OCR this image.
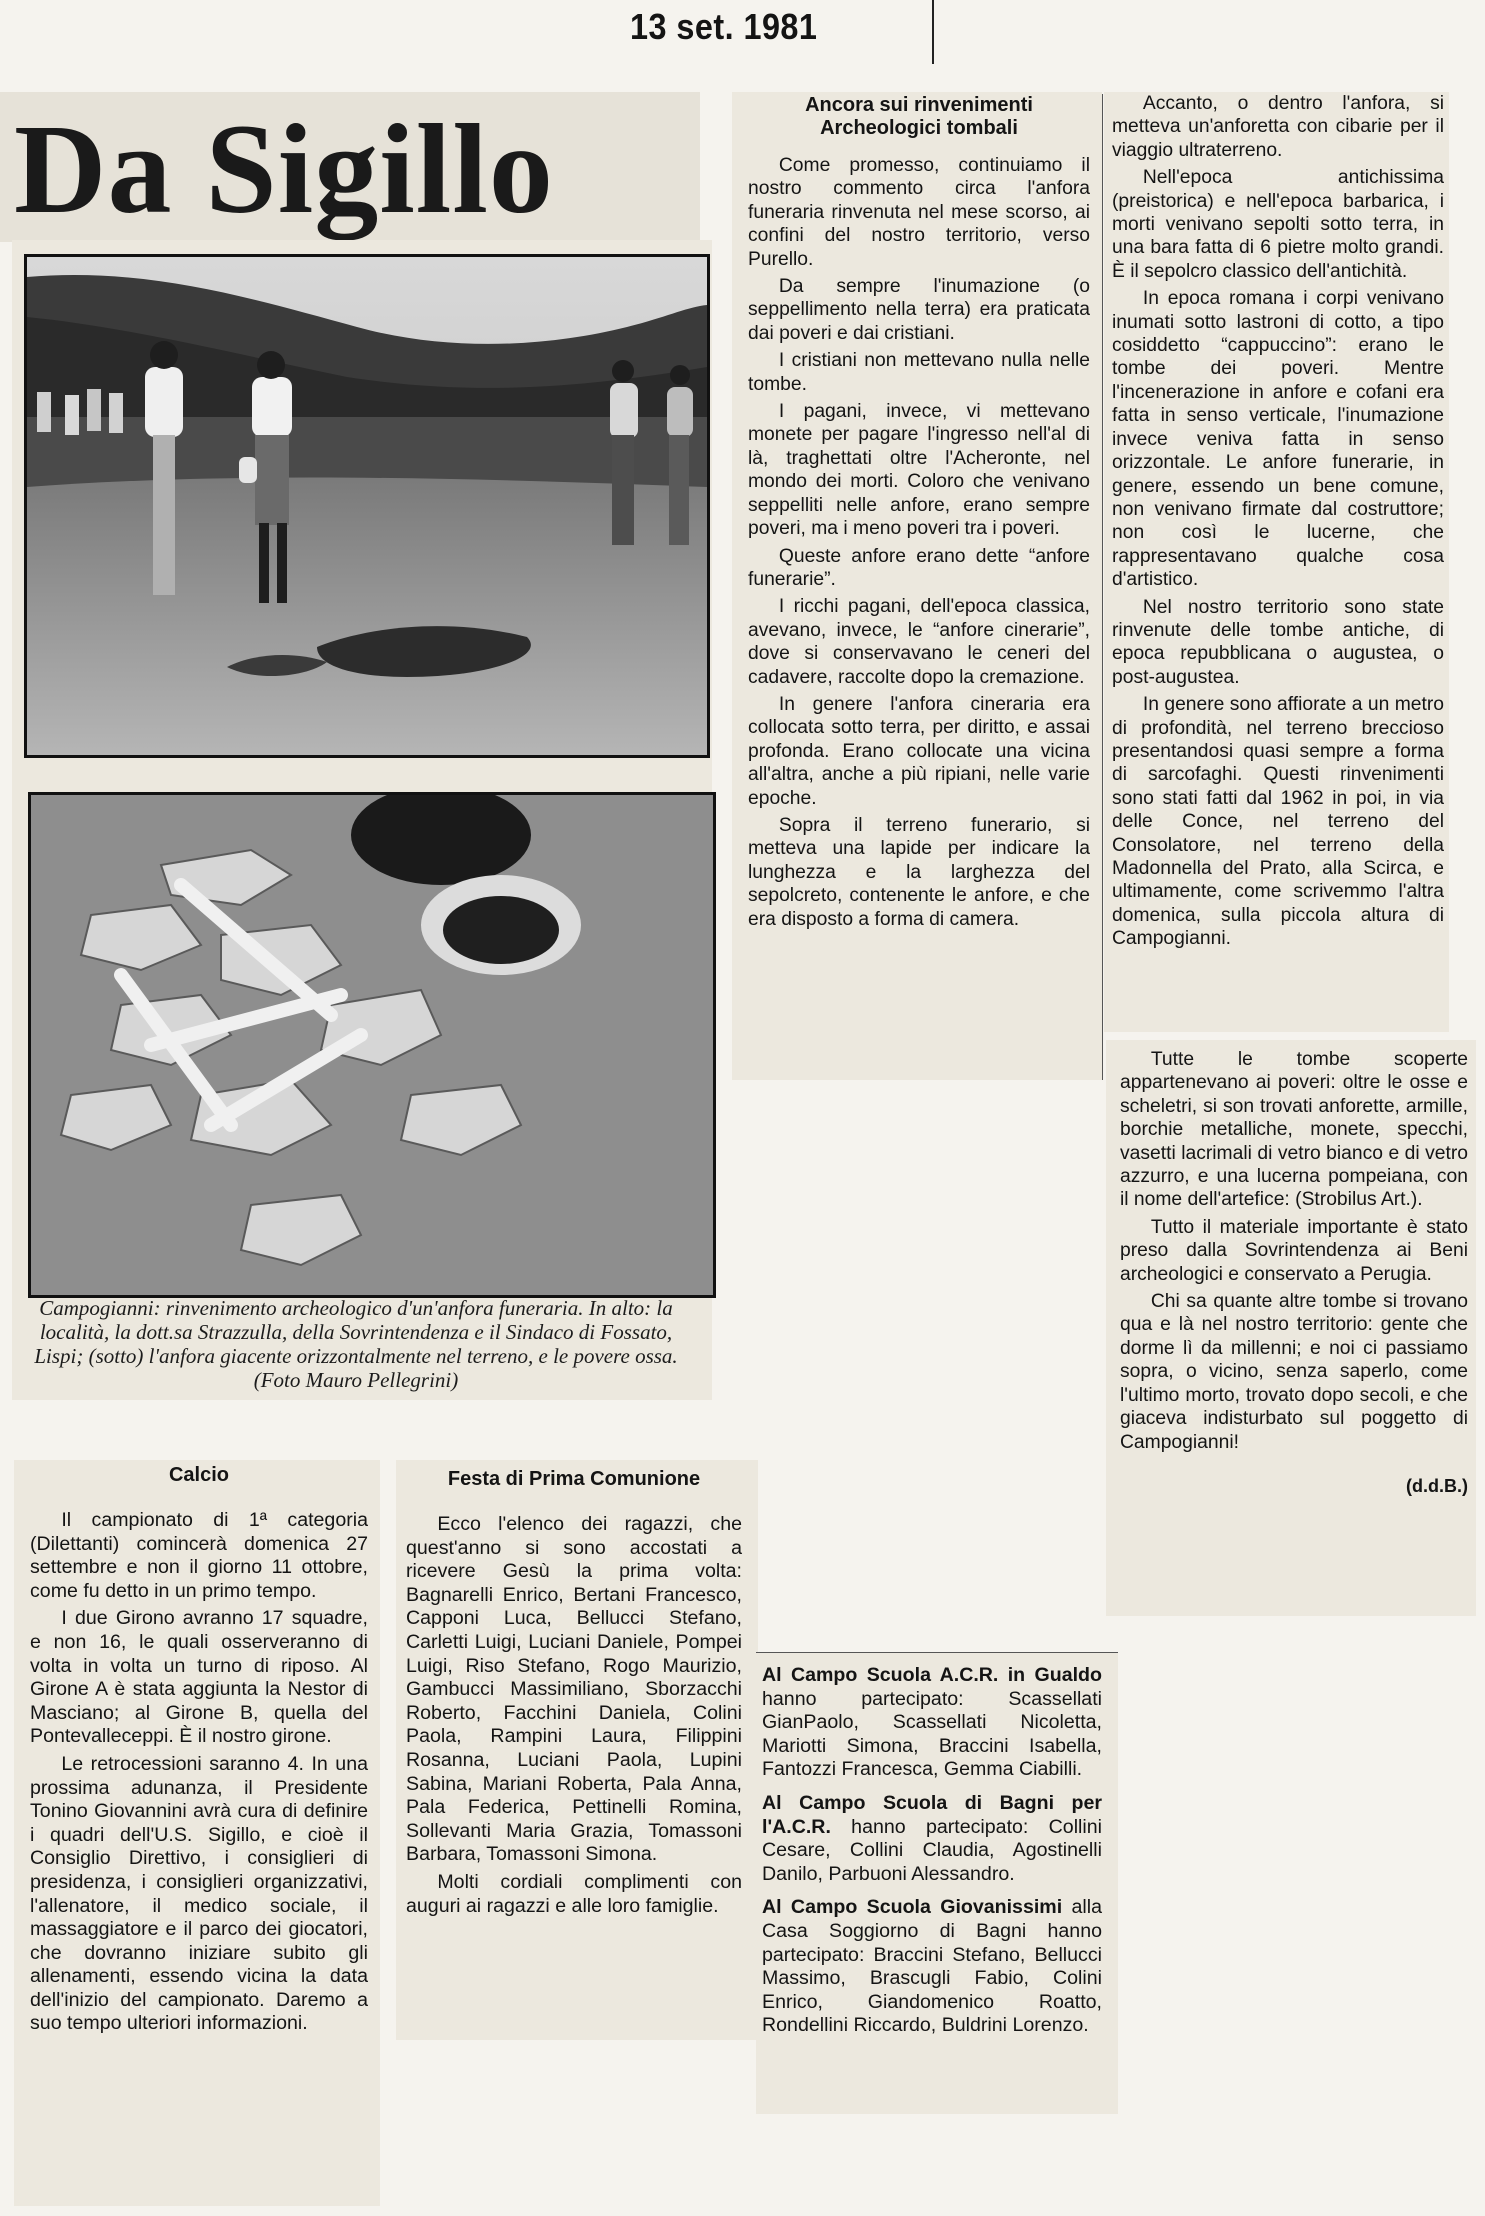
13 set. 1981
Da Sigillo
Campogianni: rinvenimento archeologico d'un'anfora funeraria. In alto: la località, la dott.sa Strazzulla, della Sovrintendenza e il Sindaco di Fossato, Lispi; (sotto) l'anfora giacente orizzontalmente nel terreno, e le povere ossa. (Foto Mauro Pellegrini)
Ancora sui rinvenimenti Archeologici tombali

Come promesso, continuiamo il nostro commento circa l'anfora funeraria rinvenuta nel mese scorso, ai confini del nostro territorio, verso Purello.

Da sempre l'inumazione (o seppellimento nella terra) era praticata dai poveri e dai cristiani.

I cristiani non mettevano nulla nelle tombe.

I pagani, invece, vi mettevano monete per pagare l'ingresso nell'al di là, traghettati oltre l'Acheronte, nel mondo dei morti. Coloro che venivano seppelliti nelle anfore, erano sempre poveri, ma i meno poveri tra i poveri.

Queste anfore erano dette “anfore funerarie”.

I ricchi pagani, dell'epoca classica, avevano, invece, le “anfore cinerarie”, dove si conservavano le ceneri del cadavere, raccolte dopo la cremazione.

In genere l'anfora cineraria era collocata sotto terra, per diritto, e assai profonda. Erano collocate una vicina all'altra, anche a più ripiani, nelle varie epoche.

Sopra il terreno funerario, si metteva una lapide per indicare la lunghezza e la larghezza del sepolcreto, contenente le anfore, e che era disposto a forma di camera.

Accanto, o dentro l'anfora, si metteva un'anforetta con cibarie per il viaggio ultraterreno.

Nell'epoca antichissima (preistorica) e nell'epoca barbarica, i morti venivano sepolti sotto terra, in una bara fatta di 6 pietre molto grandi. È il sepolcro classico dell'antichità.

In epoca romana i corpi venivano inumati sotto lastroni di cotto, a tipo cosiddetto “cappuccino”: erano le tombe dei poveri. Mentre l'incenerazione in anfore e cofani era fatta in senso verticale, l'inumazione invece veniva fatta in senso orizzontale. Le anfore funerarie, in genere, essendo un bene comune, non venivano firmate dal costruttore; non così le lucerne, che rappresentavano qualche cosa d'artistico.

Nel nostro territorio sono state rinvenute delle tombe antiche, di epoca repubblicana o augustea, o post-augustea.

In genere sono affiorate a un metro di profondità, nel terreno breccioso presentandosi quasi sempre a forma di sarcofaghi. Questi rinvenimenti sono stati fatti dal 1962 in poi, in via delle Conce, nel terreno del Consolatore, nel terreno della Madonnella del Prato, alla Scirca, e ultimamente, come scrivemmo l'altra domenica, sulla piccola altura di Campogianni.

Tutte le tombe scoperte appartenevano ai poveri: oltre le osse e scheletri, si son trovati anforette, armille, borchie metalliche, monete, specchi, vasetti lacrimali di vetro bianco e di vetro azzurro, e una lucerna pompeiana, con il nome dell'artefice: (Strobilus Art.).

Tutto il materiale importante è stato preso dalla Sovrintendenza ai Beni archeologici e conservato a Perugia.

Chi sa quante altre tombe si trovano qua e là nel nostro territorio: gente che dorme lì da millenni; e noi ci passiamo sopra, o vicino, senza saperlo, come l'ultimo morto, trovato dopo secoli, e che giaceva indisturbato sul poggetto di Campogianni!

(d.d.B.)
Calcio

Il campionato di 1ª categoria (Dilettanti) comincerà domenica 27 settembre e non il giorno 11 ottobre, come fu detto in un primo tempo.

I due Girono avranno 17 squadre, e non 16, le quali osserveranno di volta in volta un turno di riposo. Al Girone A è stata aggiunta la Nestor di Masciano; al Girone B, quella del Pontevalleceppi. È il nostro girone.

Le retrocessioni saranno 4. In una prossima adunanza, il Presidente Tonino Giovannini avrà cura di definire i quadri dell'U.S. Sigillo, e cioè il Consiglio Direttivo, i consiglieri di presidenza, i consiglieri organizzativi, l'allenatore, il medico sociale, il massaggiatore e il parco dei giocatori, che dovranno iniziare subito gli allenamenti, essendo vicina la data dell'inizio del campionato. Daremo a suo tempo ulteriori informazioni.

Festa di Prima Comunione

Ecco l'elenco dei ragazzi, che quest'anno si sono accostati a ricevere Gesù la prima volta: Bagnarelli Enrico, Bertani Francesco, Capponi Luca, Bellucci Stefano, Carletti Luigi, Luciani Daniele, Pompei Luigi, Riso Stefano, Rogo Maurizio, Gambucci Massimiliano, Sborzacchi Roberto, Facchini Daniela, Colini Paola, Rampini Laura, Filippini Rosanna, Luciani Paola, Lupini Sabina, Mariani Roberta, Pala Anna, Pala Federica, Pettinelli Romina, Sollevanti Maria Grazia, Tomassoni Barbara, Tomassoni Simona.

Molti cordiali complimenti con auguri ai ragazzi e alle loro famiglie.

Al Campo Scuola A.C.R. in Gualdo hanno partecipato: Scassellati GianPaolo, Scassellati Nicoletta, Mariotti Simona, Braccini Isabella, Fantozzi Francesca, Gemma Ciabilli.

Al Campo Scuola di Bagni per l'A.C.R. hanno partecipato: Collini Cesare, Collini Claudia, Agostinelli Danilo, Parbuoni Alessandro.

Al Campo Scuola Giovanissimi alla Casa Soggiorno di Bagni hanno partecipato: Braccini Stefano, Bellucci Massimo, Brascugli Fabio, Colini Enrico, Giandomenico Roatto, Rondellini Riccardo, Buldrini Lorenzo.
